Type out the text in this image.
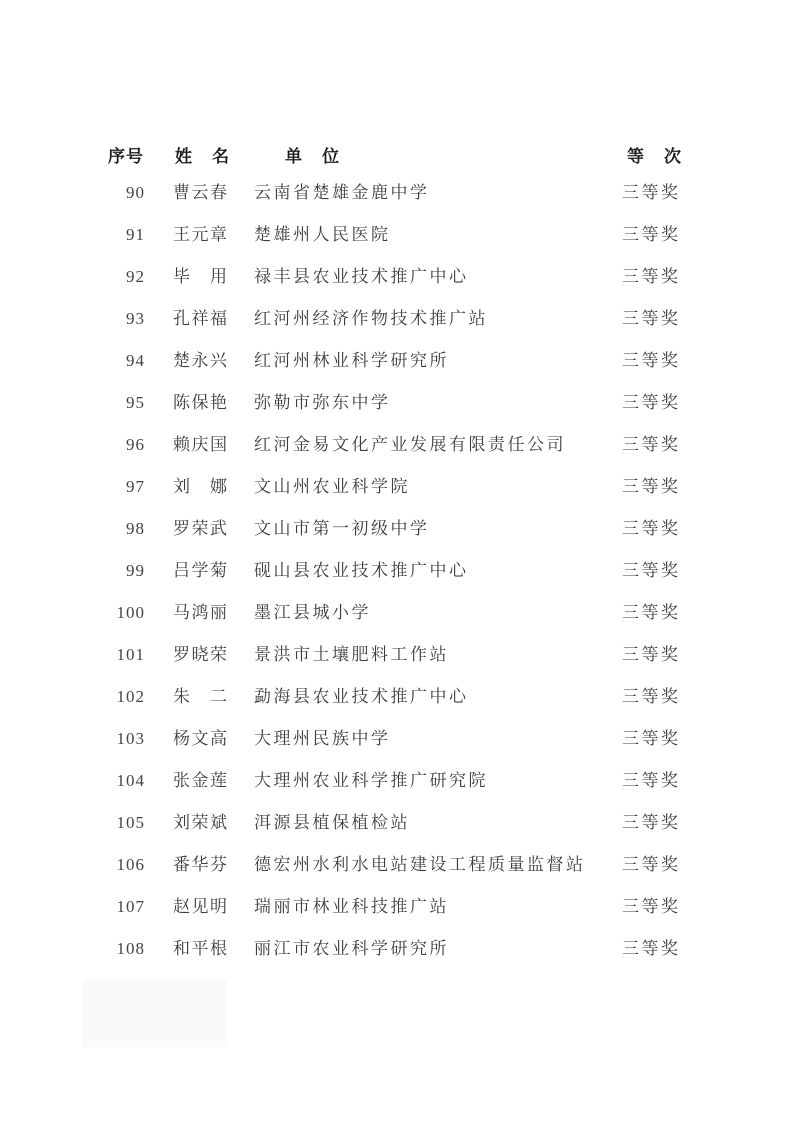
序号 姓　名	单　位	等　次
90 曹云春 云南省楚雄金鹿中学	三等奖
91 王元章 楚雄州人民医院	三等奖
92 毕　用 禄丰县农业技术推广中心	三等奖
93 孔祥福 红河州经济作物技术推广站	三等奖
94 楚永兴 红河州林业科学研究所	三等奖
95 陈保艳 弥勒市弥东中学	三等奖
96 赖庆国 红河金易文化产业发展有限责任公司	三等奖
97 刘　娜 文山州农业科学院	三等奖
98 罗荣武 文山市第一初级中学	三等奖
99 吕学菊 砚山县农业技术推广中心	三等奖
100 马鸿丽 墨江县城小学	三等奖
101 罗晓荣 景洪市土壤肥料工作站	三等奖
102 朱　二 勐海县农业技术推广中心	三等奖
103 杨文高 大理州民族中学	三等奖
104 张金莲 大理州农业科学推广研究院	三等奖
105 刘荣斌 洱源县植保植检站	三等奖
106 番华芬 德宏州水利水电站建设工程质量监督站 三等奖
107 赵见明 瑞丽市林业科技推广站	三等奖
108 和平根 丽江市农业科学研究所	三等奖
